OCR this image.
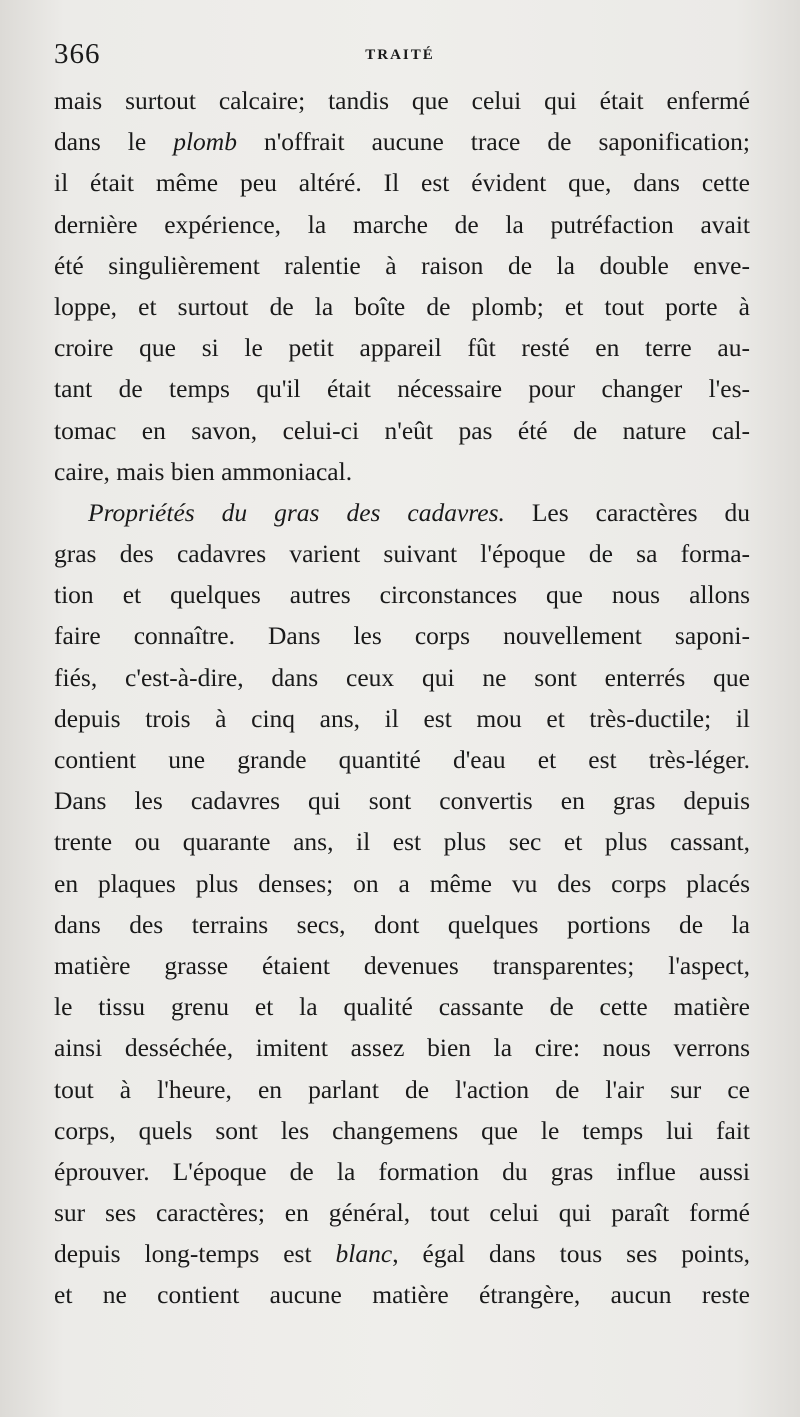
366	TRAITÉ
mais surtout calcaire; tandis que celui qui était enfermé
dans le plomb n'offrait aucune trace de saponification;
il était même peu altéré. Il est évident que, dans cette
dernière expérience, la marche de la putréfaction avait
été singulièrement ralentie à raison de la double enve-
loppe, et surtout de la boîte de plomb; et tout porte à
croire que si le petit appareil fût resté en terre au-
tant de temps qu'il était nécessaire pour changer l'es-
tomac en savon, celui-ci n'eût pas été de nature cal-
caire, mais bien ammoniacal.
Propriétés du gras des cadavres. Les caractères du
gras des cadavres varient suivant l'époque de sa forma-
tion et quelques autres circonstances que nous allons
faire connaître. Dans les corps nouvellement saponi-
fiés, c'est-à-dire, dans ceux qui ne sont enterrés que
depuis trois à cinq ans, il est mou et très-ductile; il
contient une grande quantité d'eau et est très-léger.
Dans les cadavres qui sont convertis en gras depuis
trente ou quarante ans, il est plus sec et plus cassant,
en plaques plus denses; on a même vu des corps placés
dans des terrains secs, dont quelques portions de la
matière grasse étaient devenues transparentes; l'aspect,
le tissu grenu et la qualité cassante de cette matière
ainsi desséchée, imitent assez bien la cire: nous verrons
tout à l'heure, en parlant de l'action de l'air sur ce
corps, quels sont les changemens que le temps lui fait
éprouver. L'époque de la formation du gras influe aussi
sur ses caractères; en général, tout celui qui paraît formé
depuis long-temps est blanc, égal dans tous ses points,
et ne contient aucune matière étrangère, aucun reste
